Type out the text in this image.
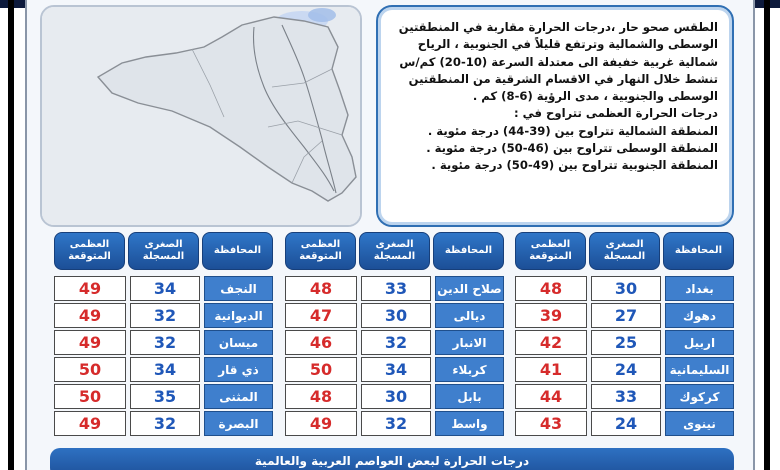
الطقس صحو حار ،درجات الحرارة مقاربة في المنطقتين الوسطى والشمالية وترتفع قليلاً في الجنوبية ، الرياح شمالية غربية خفيفة الى معتدلة السرعة (10-20) كم/س تنشط خلال النهار في الاقسام الشرقية من المنطقتين الوسطى والجنوبية ، مدى الرؤية (6-8) كم .

درجات الحرارة العظمى تتراوح في :

المنطقة الشمالية تتراوح بين (39-44) درجة مئوية .

المنطقة الوسطى تتراوح بين (46-50) درجة مئوية .

المنطقة الجنوبية تتراوح بين (49-50) درجة مئوية .

المحافظة
الصغرى المسجلة
العظمى المتوقعة
بغداد
30
48
دهوك
27
39
اربيل
25
42
السليمانية
24
41
كركوك
33
44
نينوى
24
43
المحافظة
الصغرى المسجلة
العظمى المتوقعة
صلاح الدين
33
48
ديالى
30
47
الانبار
32
46
كربلاء
34
50
بابل
30
48
واسط
32
49
المحافظة
الصغرى المسجلة
العظمى المتوقعة
النجف
34
49
الديوانية
32
49
ميسان
32
49
ذي قار
34
50
المثنى
35
50
البصرة
32
49
درجات الحرارة لبعض العواصم العربية والعالمية
